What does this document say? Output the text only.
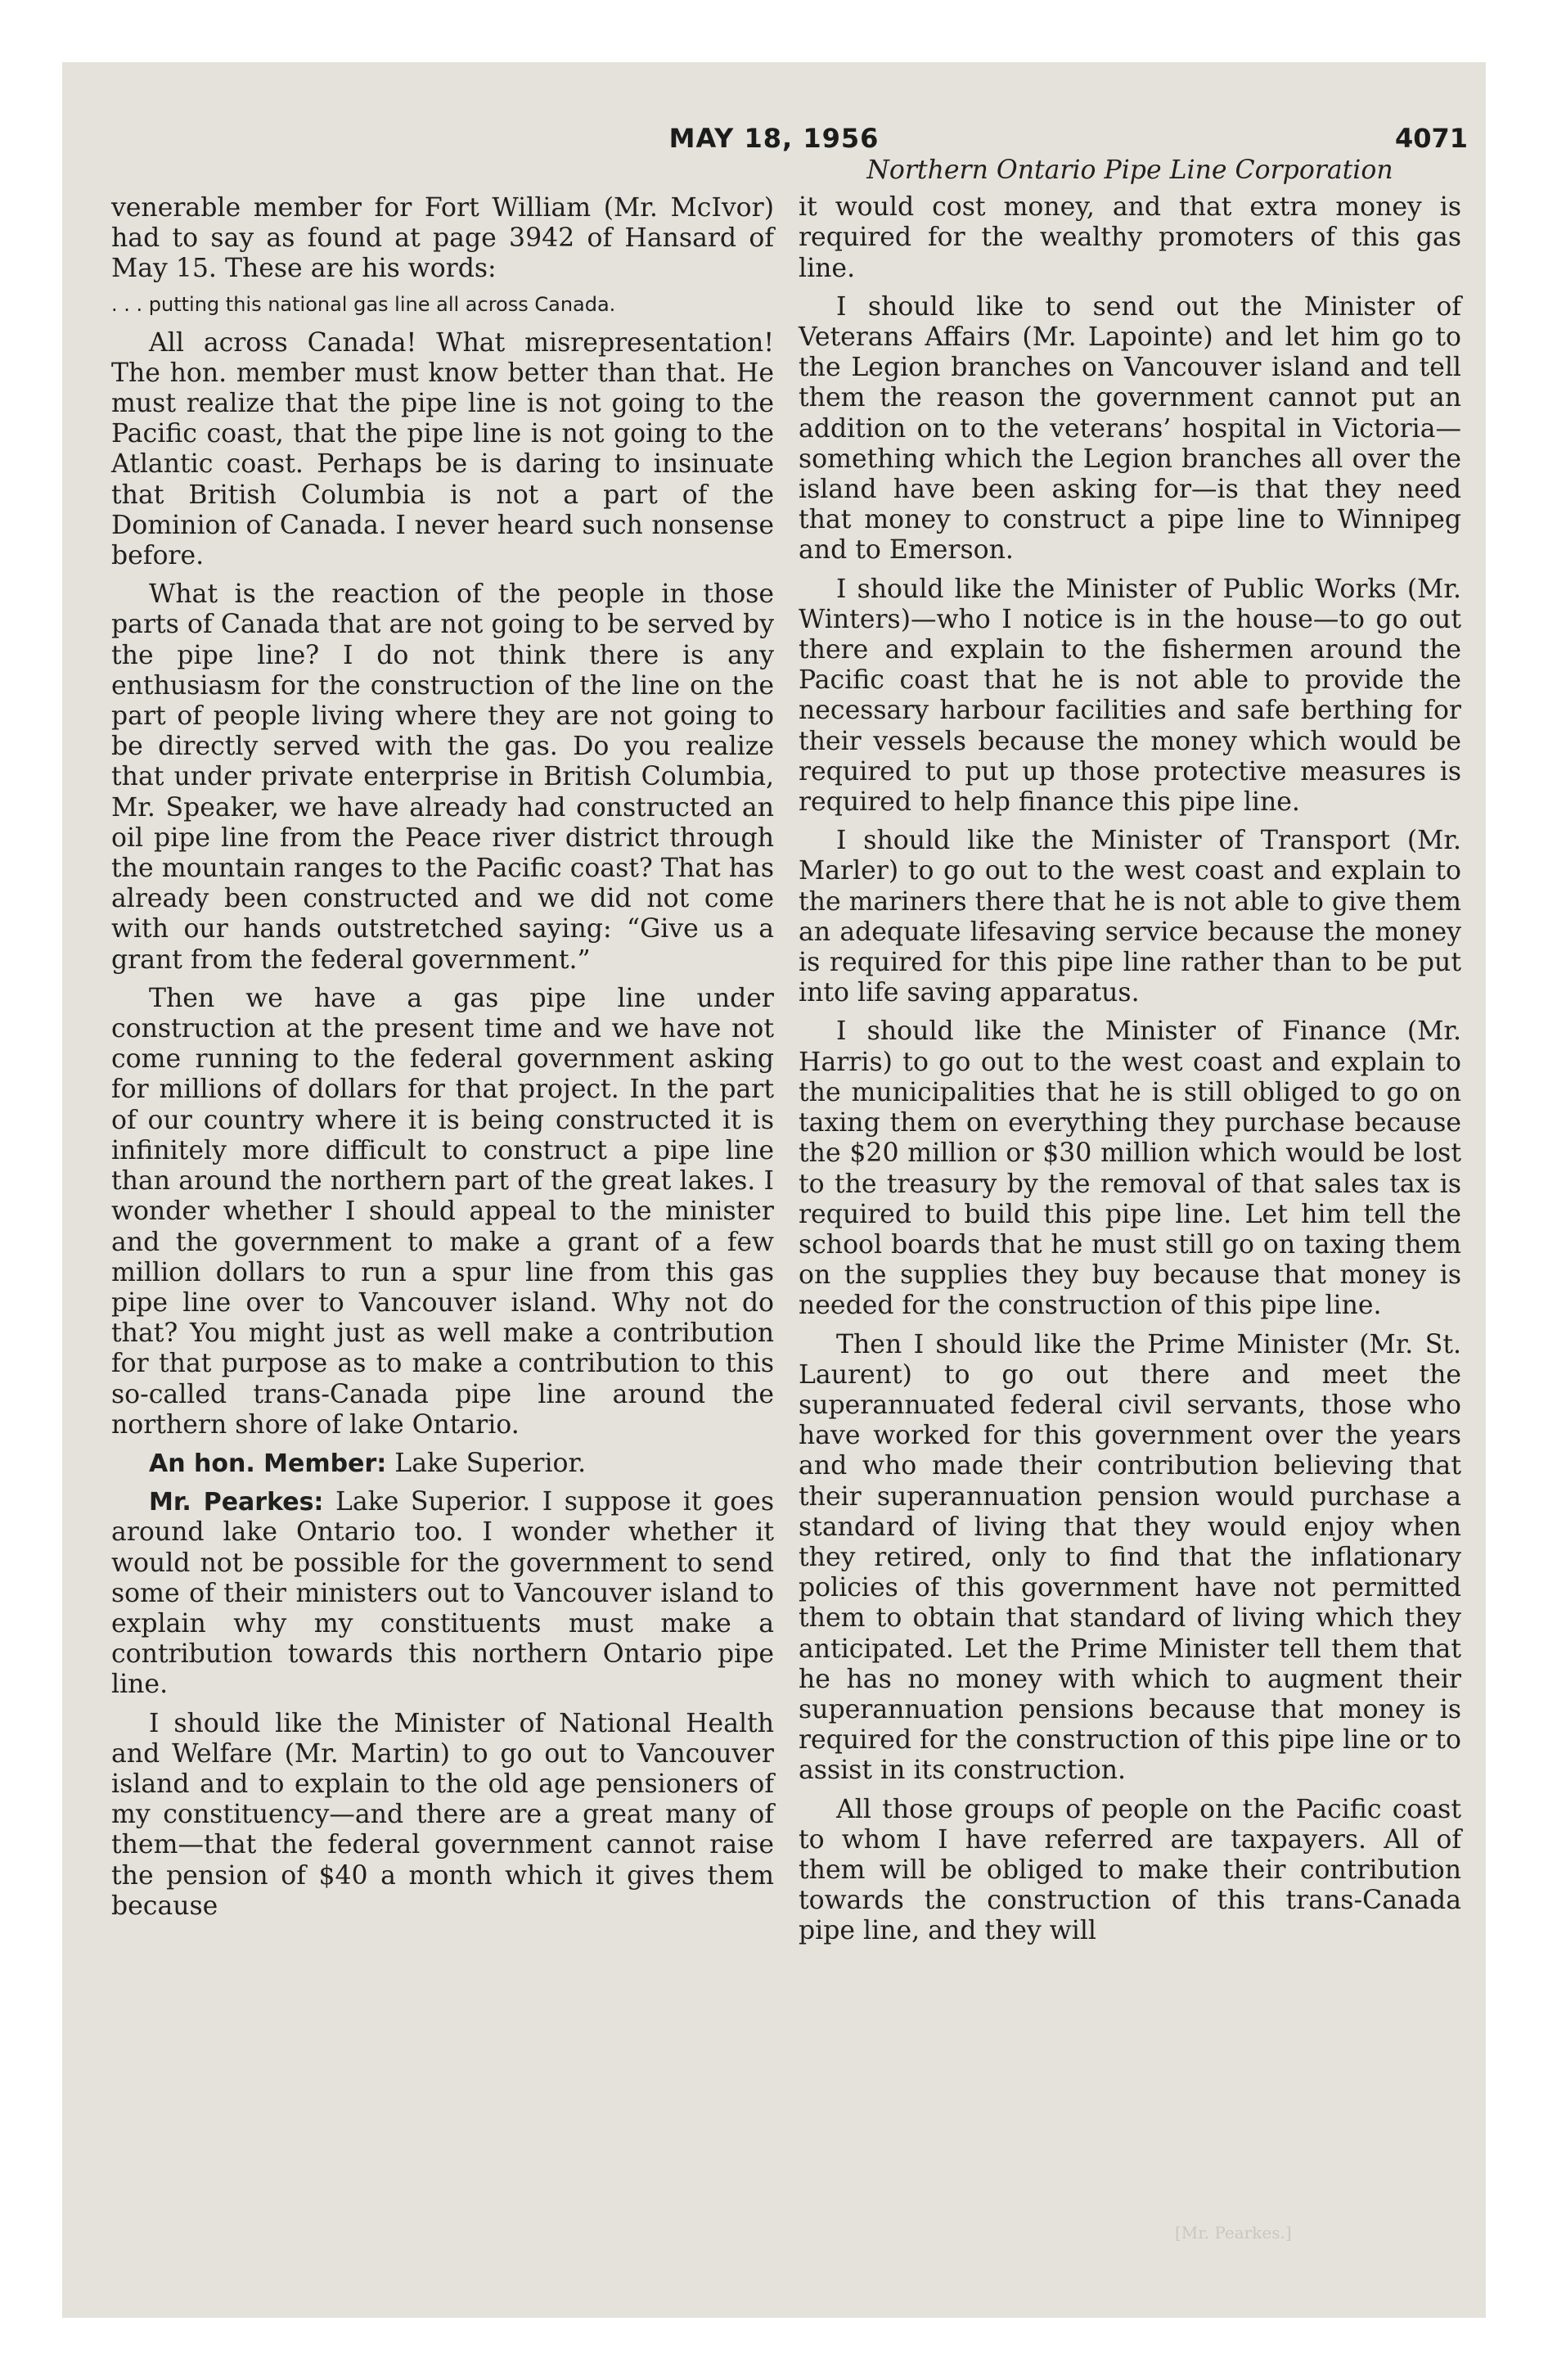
MAY 18, 1956	4071

venerable member for Fort William (Mr. McIvor) had to say as found at page 3942 of Hansard of May 15. These are his words:

. . . putting this national gas line all across Canada.

All across Canada! What misrepresentation! The hon. member must know better than that. He must realize that the pipe line is not going to the Pacific coast, that the pipe line is not going to the Atlantic coast. Perhaps be is daring to insinuate that British Columbia is not a part of the Dominion of Canada. I never heard such nonsense before.

What is the reaction of the people in those parts of Canada that are not going to be served by the pipe line? I do not think there is any enthusiasm for the construction of the line on the part of people living where they are not going to be directly served with the gas. Do you realize that under private enterprise in British Columbia, Mr. Speaker, we have already had constructed an oil pipe line from the Peace river district through the mountain ranges to the Pacific coast? That has already been constructed and we did not come with our hands outstretched saying: “Give us a grant from the federal government.”

Then we have a gas pipe line under construction at the present time and we have not come running to the federal government asking for millions of dollars for that project. In the part of our country where it is being constructed it is infinitely more difficult to construct a pipe line than around the northern part of the great lakes. I wonder whether I should appeal to the minister and the government to make a grant of a few million dollars to run a spur line from this gas pipe line over to Vancouver island. Why not do that? You might just as well make a contribution for that purpose as to make a contribution to this so-called trans-Canada pipe line around the northern shore of lake Ontario.

An hon. Member: Lake Superior.

Mr. Pearkes: Lake Superior. I suppose it goes around lake Ontario too. I wonder whether it would not be possible for the government to send some of their ministers out to Vancouver island to explain why my constituents must make a contribution towards this northern Ontario pipe line.

I should like the Minister of National Health and Welfare (Mr. Martin) to go out to Vancouver island and to explain to the old age pensioners of my constituency—and there are a great many of them—that the federal government cannot raise the pension of $40 a month which it gives them because

Northern Ontario Pipe Line Corporation

it would cost money, and that extra money is required for the wealthy promoters of this gas line.

I should like to send out the Minister of Veterans Affairs (Mr. Lapointe) and let him go to the Legion branches on Vancouver island and tell them the reason the government cannot put an addition on to the veterans’ hospital in Victoria—something which the Legion branches all over the island have been asking for—is that they need that money to construct a pipe line to Winnipeg and to Emerson.

I should like the Minister of Public Works (Mr. Winters)—who I notice is in the house—to go out there and explain to the fishermen around the Pacific coast that he is not able to provide the necessary harbour facilities and safe berthing for their vessels because the money which would be required to put up those protective measures is required to help finance this pipe line.

I should like the Minister of Transport (Mr. Marler) to go out to the west coast and explain to the mariners there that he is not able to give them an adequate lifesaving service because the money is required for this pipe line rather than to be put into life saving apparatus.

I should like the Minister of Finance (Mr. Harris) to go out to the west coast and explain to the municipalities that he is still obliged to go on taxing them on everything they purchase because the $20 million or $30 million which would be lost to the treasury by the removal of that sales tax is required to build this pipe line. Let him tell the school boards that he must still go on taxing them on the supplies they buy because that money is needed for the construction of this pipe line.

Then I should like the Prime Minister (Mr. St. Laurent) to go out there and meet the superannuated federal civil servants, those who have worked for this government over the years and who made their contribution believing that their superannuation pension would purchase a standard of living that they would enjoy when they retired, only to find that the inflationary policies of this government have not permitted them to obtain that standard of living which they anticipated. Let the Prime Minister tell them that he has no money with which to augment their superannuation pensions because that money is required for the construction of this pipe line or to assist in its construction.

All those groups of people on the Pacific coast to whom I have referred are taxpayers. All of them will be obliged to make their contribution towards the construction of this trans-Canada pipe line, and they will

[Mr. Pearkes.]
